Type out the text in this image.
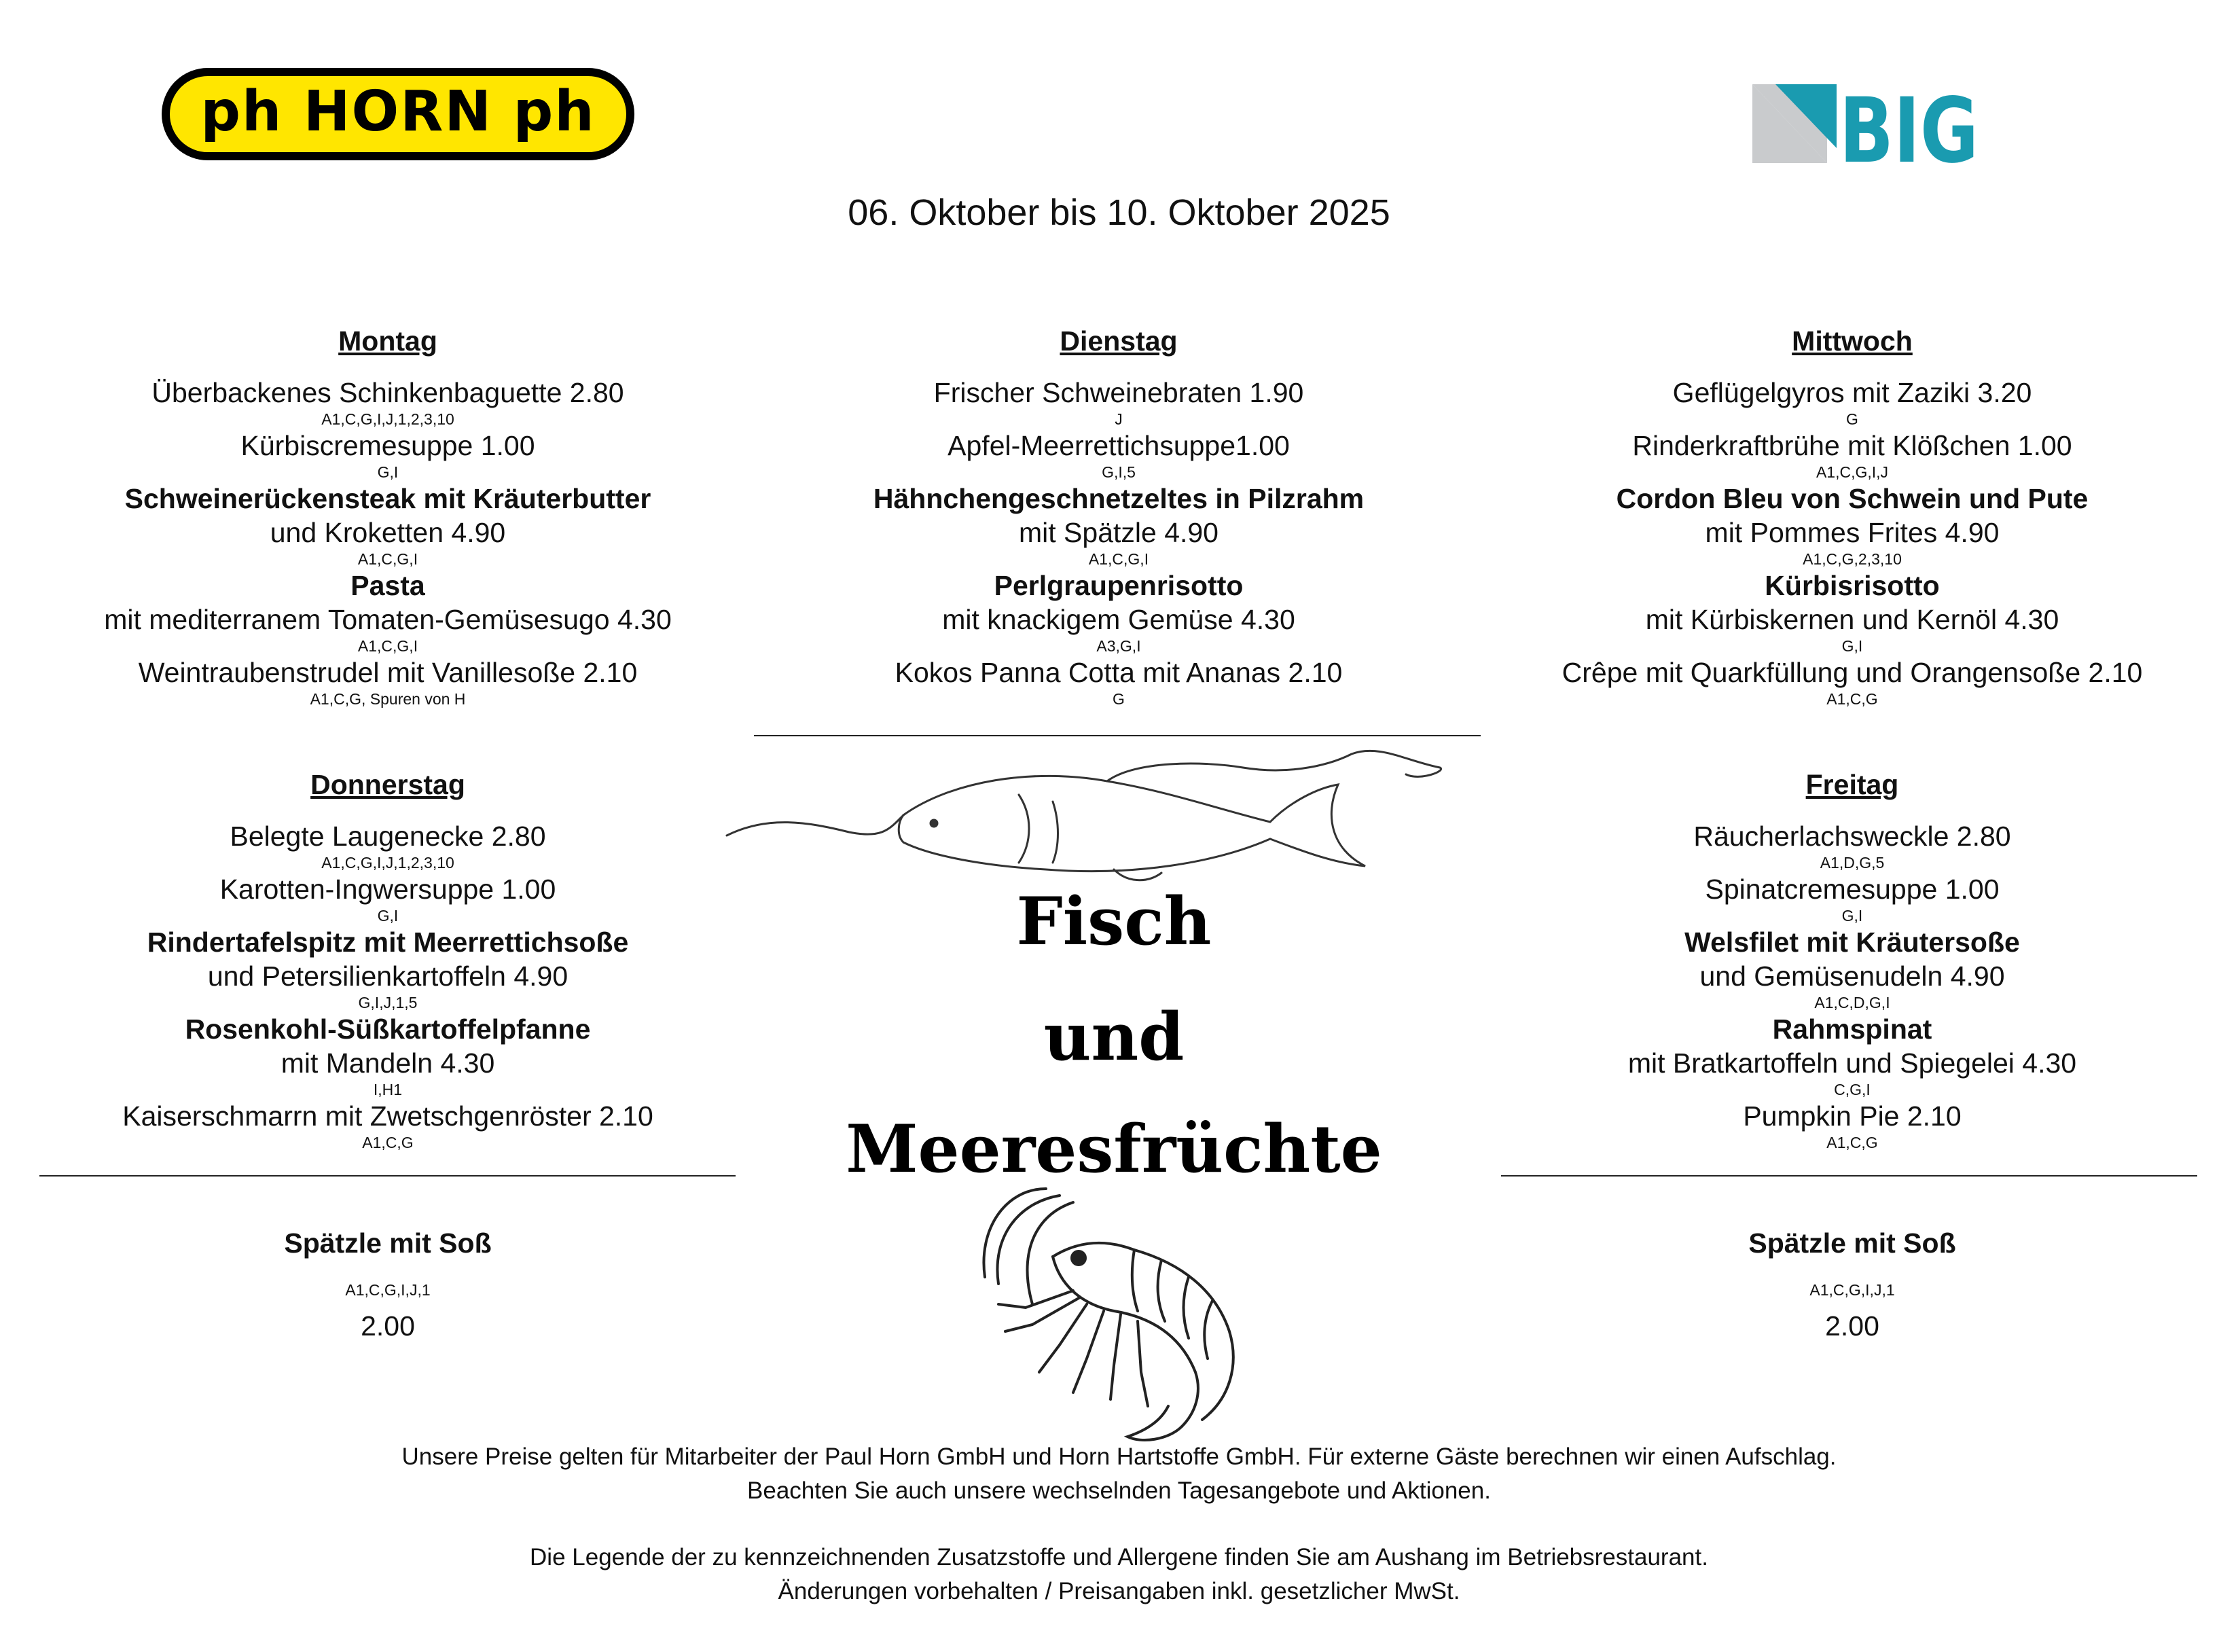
ph HORN ph	BIG
06. Oktober bis 10. Oktober 2025
Montag
Überbackenes Schinkenbaguette 2.80
A1,C,G,I,J,1,2,3,10
Kürbiscremesuppe 1.00
G,I
Schweinerückensteak mit Kräuterbutter
und Kroketten 4.90
A1,C,G,I
Pasta
mit mediterranem Tomaten-Gemüsesugo 4.30
A1,C,G,I
Weintraubenstrudel mit Vanillesoße 2.10
A1,C,G, Spuren von H
Dienstag
Frischer Schweinebraten 1.90
J
Apfel-Meerrettichsuppe1.00
G,I,5
Hähnchengeschnetzeltes in Pilzrahm
mit Spätzle 4.90
A1,C,G,I
Perlgraupenrisotto
mit knackigem Gemüse 4.30
A3,G,I
Kokos Panna Cotta mit Ananas 2.10
G
Mittwoch
Geflügelgyros mit Zaziki 3.20
G
Rinderkraftbrühe mit Klößchen 1.00
A1,C,G,I,J
Cordon Bleu von Schwein und Pute
mit Pommes Frites 4.90
A1,C,G,2,3,10
Kürbisrisotto
mit Kürbiskernen und Kernöl 4.30
G,I
Crêpe mit Quarkfüllung und Orangensoße 2.10
A1,C,G
Donnerstag
Belegte Laugenecke 2.80
A1,C,G,I,J,1,2,3,10
Karotten-Ingwersuppe 1.00
G,I
Rindertafelspitz mit Meerrettichsoße
und Petersilienkartoffeln 4.90
G,I,J,1,5
Rosenkohl-Süßkartoffelpfanne
mit Mandeln 4.30
I,H1
Kaiserschmarrn mit Zwetschgenröster 2.10
A1,C,G
Freitag
Räucherlachsweckle 2.80
A1,D,G,5
Spinatcremesuppe 1.00
G,I
Welsfilet mit Kräutersoße
und Gemüsenudeln 4.90
A1,C,D,G,I
Rahmspinat
mit Bratkartoffeln und Spiegelei 4.30
C,G,I
Pumpkin Pie 2.10
A1,C,G
Spätzle mit Soß
A1,C,G,I,J,1
2.00
Spätzle mit Soß
A1,C,G,I,J,1
2.00
Fisch
und
Meeresfrüchte
Unsere Preise gelten für Mitarbeiter der Paul Horn GmbH und Horn Hartstoffe GmbH. Für externe Gäste berechnen wir einen Aufschlag.
Beachten Sie auch unsere wechselnden Tagesangebote und Aktionen.
Die Legende der zu kennzeichnenden Zusatzstoffe und Allergene finden Sie am Aushang im Betriebsrestaurant.
Änderungen vorbehalten / Preisangaben inkl. gesetzlicher MwSt.
